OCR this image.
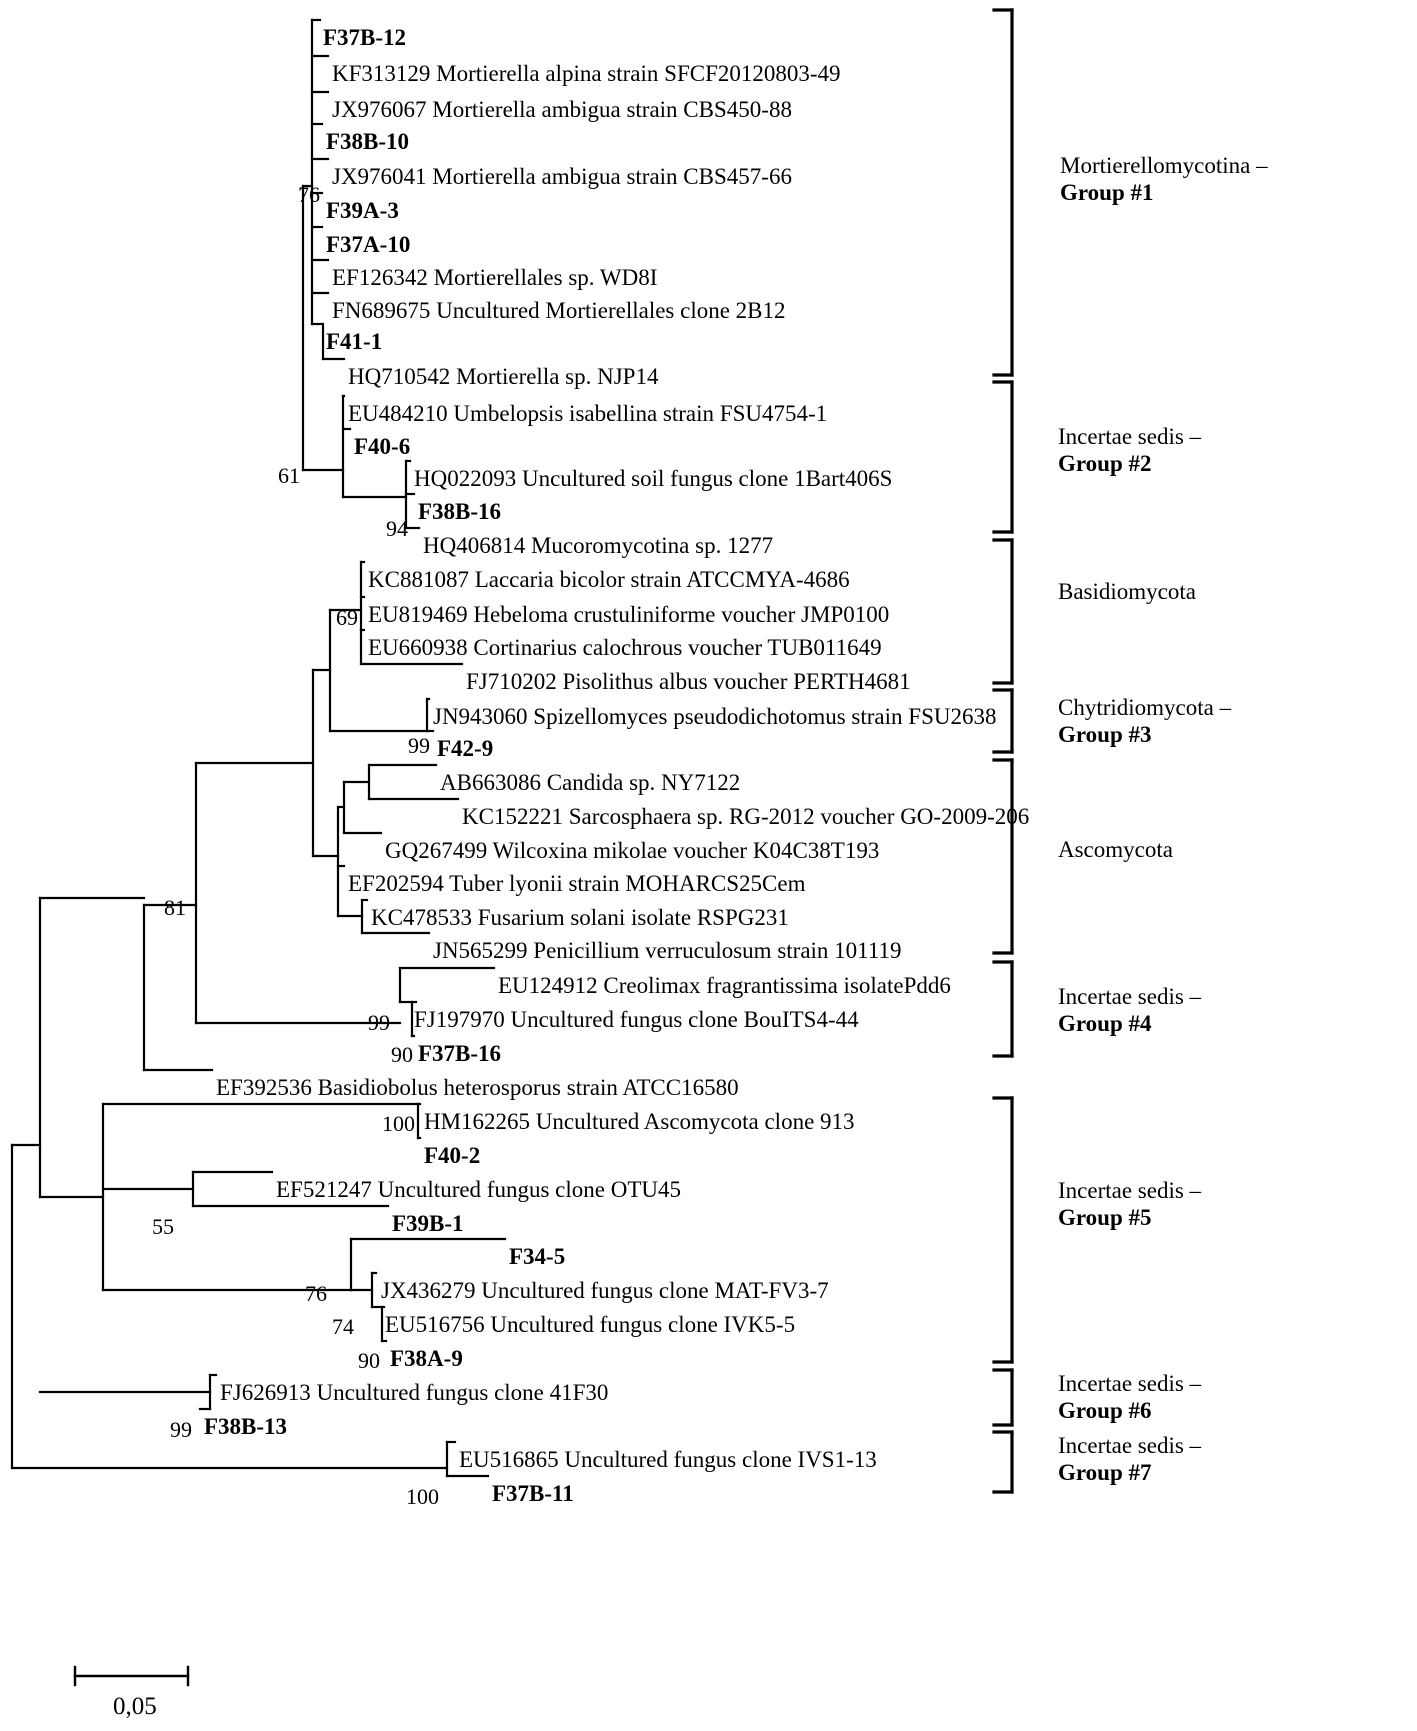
F37B-12
KF313129 Mortierella alpina strain SFCF20120803-49
JX976067 Mortierella ambigua strain CBS450-88
F38B-10
JX976041 Mortierella ambigua strain CBS457-66
F39A-3
F37A-10
EF126342 Mortierellales sp. WD8I
FN689675 Uncultured Mortierellales clone 2B12
F41-1
HQ710542 Mortierella sp. NJP14
EU484210 Umbelopsis isabellina strain FSU4754-1
F40-6
HQ022093 Uncultured soil fungus clone 1Bart406S
F38B-16
HQ406814 Mucoromycotina sp. 1277
KC881087 Laccaria bicolor strain ATCCMYA-4686
EU819469 Hebeloma crustuliniforme voucher JMP0100
EU660938 Cortinarius calochrous voucher TUB011649
FJ710202 Pisolithus albus voucher PERTH4681
JN943060 Spizellomyces pseudodichotomus strain FSU2638
F42-9
AB663086 Candida sp. NY7122
KC152221 Sarcosphaera sp. RG-2012 voucher GO-2009-206
GQ267499 Wilcoxina mikolae voucher K04C38T193
EF202594 Tuber lyonii strain MOHARCS25Cem
KC478533 Fusarium solani isolate RSPG231
JN565299 Penicillium verruculosum strain 101119
EU124912 Creolimax fragrantissima isolatePdd6
FJ197970 Uncultured fungus clone BouITS4-44
F37B-16
EF392536 Basidiobolus heterosporus strain ATCC16580
HM162265 Uncultured Ascomycota clone 913
F40-2
EF521247 Uncultured fungus clone OTU45
F39B-1
F34-5
JX436279 Uncultured fungus clone MAT-FV3-7
EU516756 Uncultured fungus clone IVK5-5
F38A-9
FJ626913 Uncultured fungus clone 41F30
F38B-13
EU516865 Uncultured fungus clone IVS1-13
F37B-11
76
61
94
69
99
81
99
90
100
55
76
74
90
99
100
Mortierellomycotina –
Group #1
Incertae sedis –
Group #2
Basidiomycota
Chytridiomycota –
Group #3
Ascomycota
Incertae sedis –
Group #4
Incertae sedis –
Group #5
Incertae sedis –
Group #6
Incertae sedis –
Group #7
0,05
